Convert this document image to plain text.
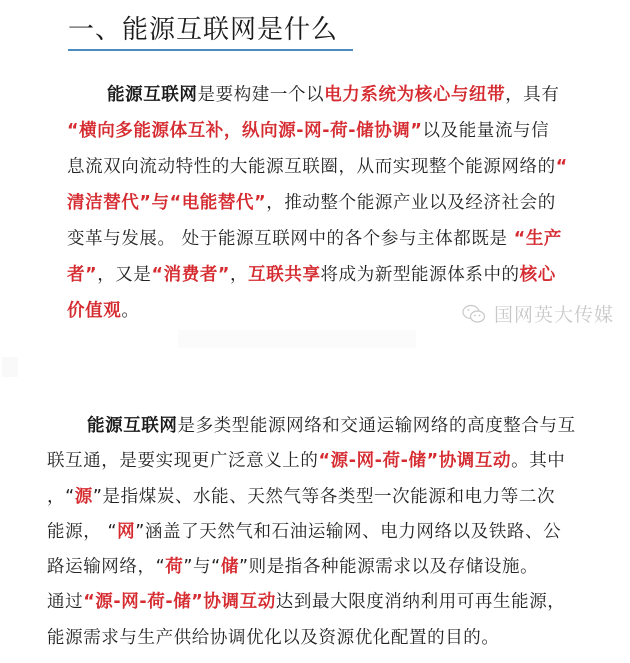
一、能源互联网是什么
能源互联网是要构建一个以电力系统为核心与纽带，具有
“横向多能源体互补，纵向源-网-荷-储协调”以及能量流与信
息流双向流动特性的大能源互联圈，从而实现整个能源网络的“
清洁替代”与“电能替代”，推动整个能源产业以及经济社会的
变革与发展。 处于能源互联网中的各个参与主体都既是 “生产
者”，又是“消费者”，互联共享将成为新型能源体系中的核心
价值观。	国网英大传媒
能源互联网是多类型能源网络和交通运输网络的高度整合与互
联互通，是要实现更广泛意义上的“源-网-荷-储”协调互动。其中
，“源”是指煤炭、水能、天然气等各类型一次能源和电力等二次
能源， “网”涵盖了天然气和石油运输网、电力网络以及铁路、公
路运输网络，“荷”与“储”则是指各种能源需求以及存储设施。
通过“源-网-荷-储”协调互动达到最大限度消纳利用可再生能源，
能源需求与生产供给协调优化以及资源优化配置的目的。
